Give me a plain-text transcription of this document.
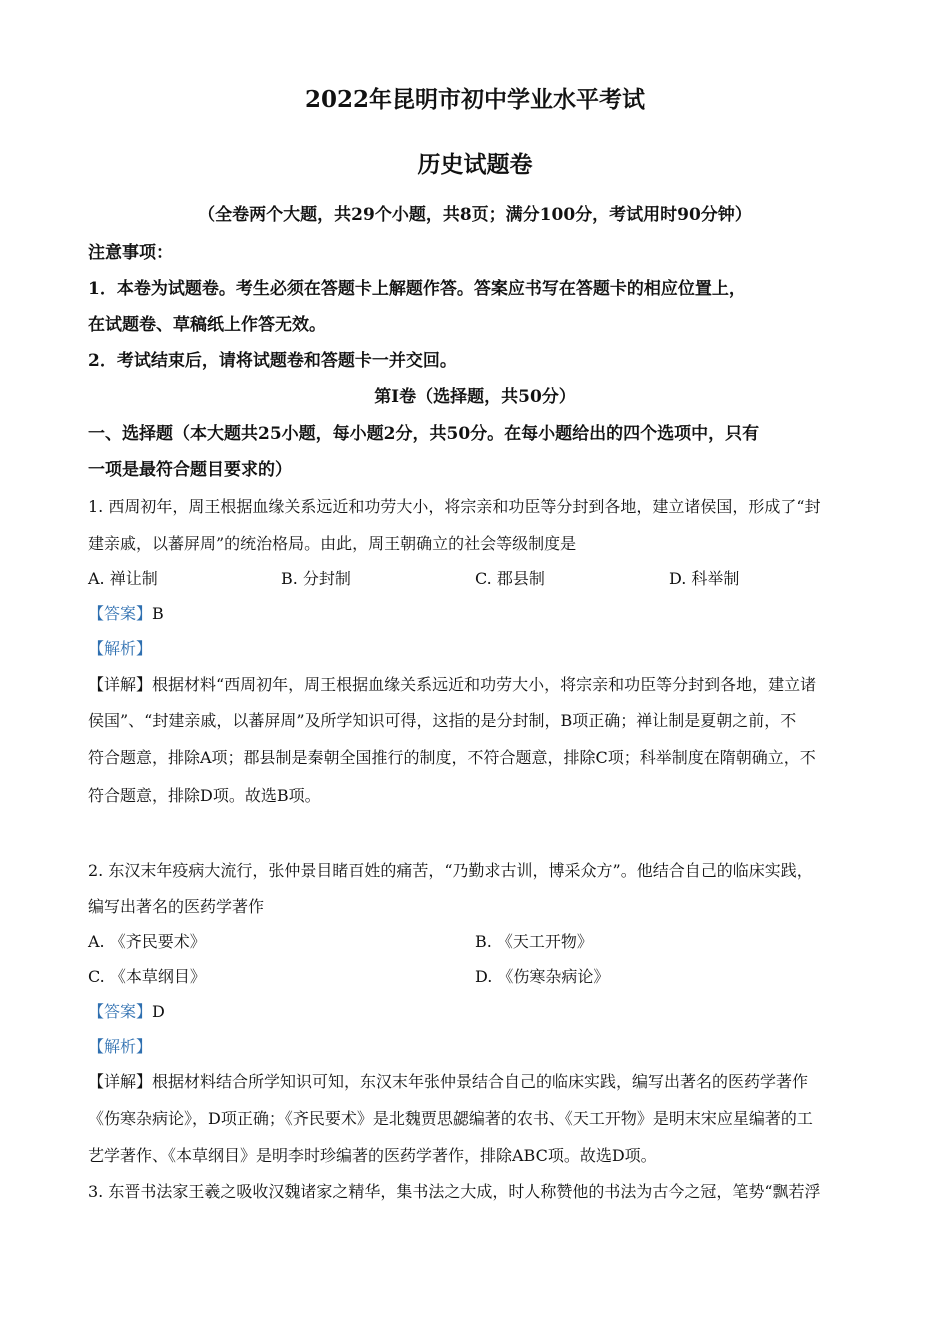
2022年昆明市初中学业水平考试
历史试题卷
（全卷两个大题，共29个小题，共8页；满分100分，考试用时90分钟）
注意事项：
1．本卷为试题卷。考生必须在答题卡上解题作答。答案应书写在答题卡的相应位置上，
在试题卷、草稿纸上作答无效。
2．考试结束后，请将试题卷和答题卡一并交回。
第Ⅰ卷（选择题，共50分）
一、选择题（本大题共25小题，每小题2分，共50分。在每小题给出的四个选项中，只有
一项是最符合题目要求的）
1. 西周初年，周王根据血缘关系远近和功劳大小，将宗亲和功臣等分封到各地，建立诸侯国，形成了“封
建亲戚，以蕃屏周”的统治格局。由此，周王朝确立的社会等级制度是
A. 禅让制	B. 分封制	C. 郡县制	D. 科举制
【答案】B
【解析】
【详解】根据材料“西周初年，周王根据血缘关系远近和功劳大小，将宗亲和功臣等分封到各地，建立诸
侯国”、“封建亲戚，以蕃屏周”及所学知识可得，这指的是分封制，B项正确；禅让制是夏朝之前，不
符合题意，排除A项；郡县制是秦朝全国推行的制度，不符合题意，排除C项；科举制度在隋朝确立，不
符合题意，排除D项。故选B项。
2. 东汉末年疫病大流行，张仲景目睹百姓的痛苦，“乃勤求古训，博采众方”。他结合自己的临床实践，
编写出著名的医药学著作
A. 《齐民要术》	B. 《天工开物》
C. 《本草纲目》	D. 《伤寒杂病论》
【答案】D
【解析】
【详解】根据材料结合所学知识可知，东汉末年张仲景结合自己的临床实践，编写出著名的医药学著作
《伤寒杂病论》，D项正确；《齐民要术》是北魏贾思勰编著的农书、《天工开物》是明末宋应星编著的工
艺学著作、《本草纲目》是明李时珍编著的医药学著作，排除ABC项。故选D项。
3. 东晋书法家王羲之吸收汉魏诸家之精华，集书法之大成，时人称赞他的书法为古今之冠，笔势“飘若浮
